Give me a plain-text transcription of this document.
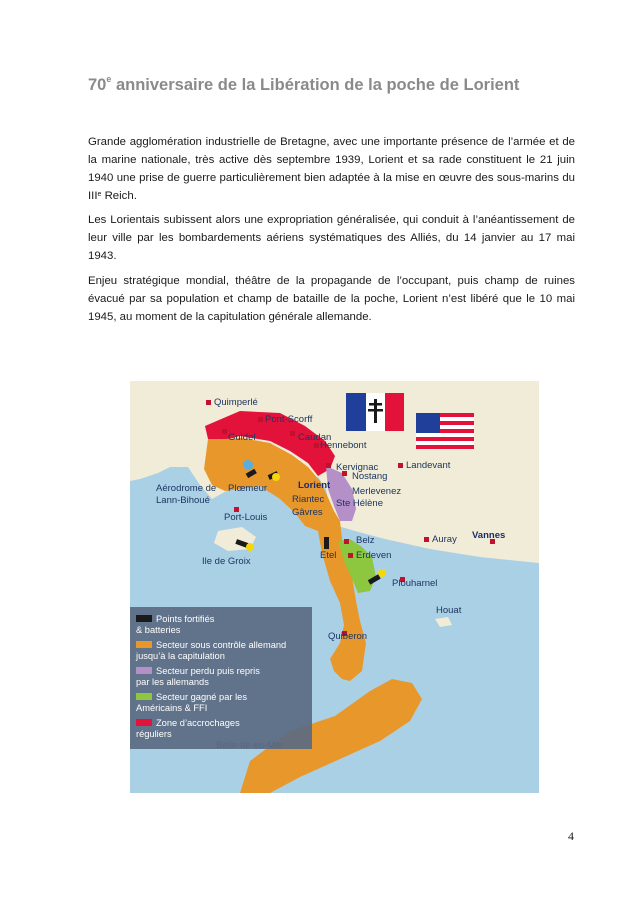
70e anniversaire de la Libération de la poche de Lorient

Grande agglomération industrielle de Bretagne, avec une importante présence de l’armée et de la marine nationale, très active dès septembre 1939, Lorient et sa rade constituent le 21 juin 1940 une prise de guerre particulièrement bien adaptée à la mise en œuvre des sous-marins du IIIe Reich.

Les Lorientais subissent alors une expropriation généralisée, qui conduit à l’anéantissement de leur ville par les bombardements aériens systématiques des Alliés, du 14 janvier au 17 mai 1943.

Enjeu stratégique mondial, théâtre de la propagande de l’occupant, puis champ de ruines évacué par sa population et champ de bataille de la poche, Lorient n’est libéré que le 10 mai 1945, au moment de la capitulation générale allemande.

Quimperlé
Pont-Scorff
Caudan
Hennebont
Guidel
Kervignac
Nostang
Landevant
Lorient
Merlevenez
Ste Hélène
Plœmeur
Riantec
Gâvres
Port-Louis
Aérodrome de
Lann-Bihoué
Ile de Groix
Belz
Etel Erdeven
Auray Vannes
Plouharnel
Quiberon
Houat
Points fortifiés
& batteries
Secteur sous contrôle allemand
jusqu’à la capitulation
Secteur perdu puis repris
par les allemands
Secteur gagné par les
Américains & FFI
Zone d’accrochages
réguliers
4
